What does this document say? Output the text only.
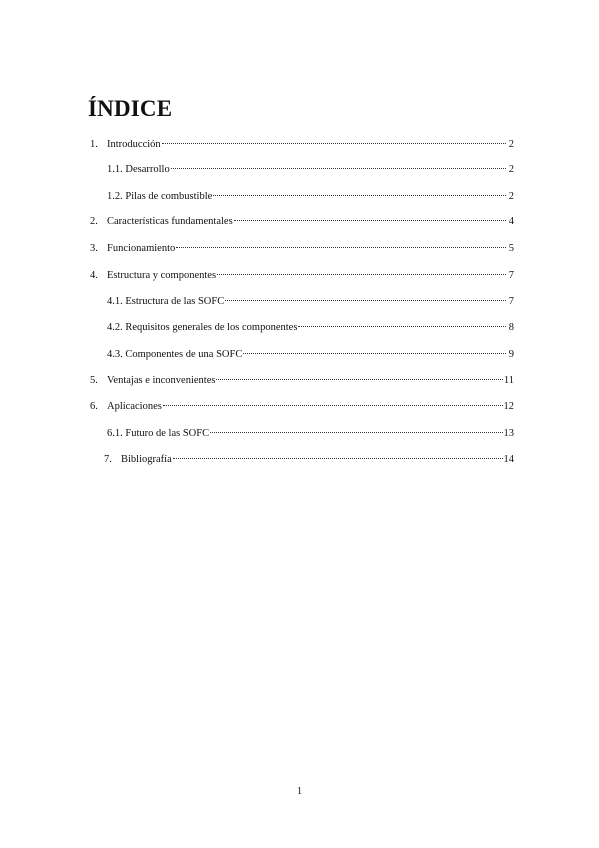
ÍNDICE
1. Introducción	2
1.1. Desarrollo	2
1.2. Pilas de combustible	2
2. Características fundamentales	4
3. Funcionamiento	5
4. Estructura y componentes	7
4.1. Estructura de las SOFC	7
4.2. Requisitos generales de los componentes	8
4.3. Componentes de una SOFC	9
5. Ventajas e inconvenientes	11
6. Aplicaciones	12
6.1. Futuro de las SOFC	13
7. Bibliografía	14
1
